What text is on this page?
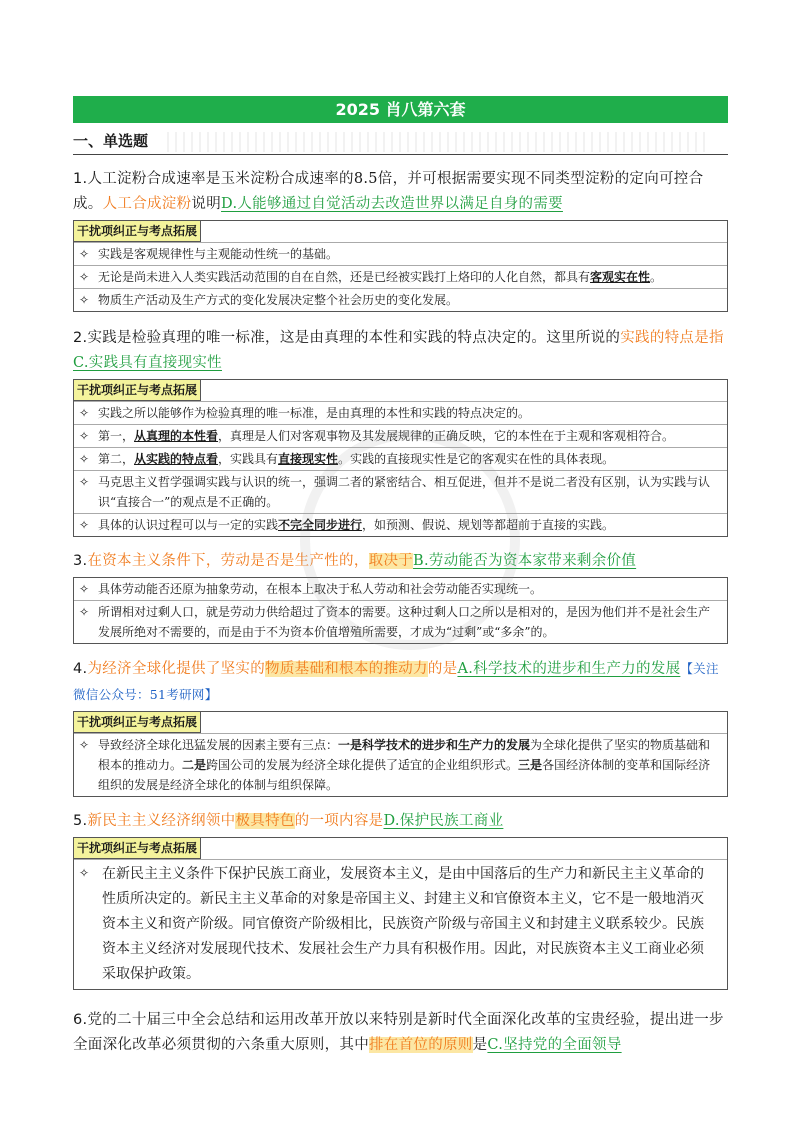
2025 肖八第六套
一、单选题
1.人工淀粉合成速率是玉米淀粉合成速率的8.5倍，并可根据需要实现不同类型淀粉的定向可控合成。人工合成淀粉说明D.人能够通过自觉活动去改造世界以满足自身的需要
干扰项纠正与考点拓展
✧ 实践是客观规律性与主观能动性统一的基础。
✧ 无论是尚未进入人类实践活动范围的自在自然，还是已经被实践打上烙印的人化自然，都具有客观实在性。
✧ 物质生产活动及生产方式的变化发展决定整个社会历史的变化发展。
2.实践是检验真理的唯一标准，这是由真理的本性和实践的特点决定的。这里所说的实践的特点是指C.实践具有直接现实性
干扰项纠正与考点拓展
✧ 实践之所以能够作为检验真理的唯一标准，是由真理的本性和实践的特点决定的。
✧ 第一，从真理的本性看，真理是人们对客观事物及其发展规律的正确反映，它的本性在于主观和客观相符合。
✧ 第二，从实践的特点看，实践具有直接现实性。实践的直接现实性是它的客观实在性的具体表现。
✧ 马克思主义哲学强调实践与认识的统一，强调二者的紧密结合、相互促进，但并不是说二者没有区别，认为实践与认识“直接合一”的观点是不正确的。
✧ 具体的认识过程可以与一定的实践不完全同步进行，如预测、假说、规划等都超前于直接的实践。
3.在资本主义条件下，劳动是否是生产性的，取决于B.劳动能否为资本家带来剩余价值
✧ 具体劳动能否还原为抽象劳动，在根本上取决于私人劳动和社会劳动能否实现统一。
✧ 所谓相对过剩人口，就是劳动力供给超过了资本的需要。这种过剩人口之所以是相对的，是因为他们并不是社会生产发展所绝对不需要的，而是由于不为资本价值增殖所需要，才成为“过剩”或“多余”的。
4.为经济全球化提供了坚实的物质基础和根本的推动力的是A.科学技术的进步和生产力的发展【关注微信公众号：51考研网】
干扰项纠正与考点拓展
✧ 导致经济全球化迅猛发展的因素主要有三点：一是科学技术的进步和生产力的发展为全球化提供了坚实的物质基础和根本的推动力。二是跨国公司的发展为经济全球化提供了适宜的企业组织形式。三是各国经济体制的变革和国际经济组织的发展是经济全球化的体制与组织保障。
5.新民主主义经济纲领中极具特色的一项内容是D.保护民族工商业
干扰项纠正与考点拓展
✧ 在新民主主义条件下保护民族工商业，发展资本主义，是由中国落后的生产力和新民主主义革命的性质所决定的。新民主主义革命的对象是帝国主义、封建主义和官僚资本主义，它不是一般地消灭资本主义和资产阶级。同官僚资产阶级相比，民族资产阶级与帝国主义和封建主义联系较少。民族资本主义经济对发展现代技术、发展社会生产力具有积极作用。因此，对民族资本主义工商业必须采取保护政策。
6.党的二十届三中全会总结和运用改革开放以来特别是新时代全面深化改革的宝贵经验，提出进一步全面深化改革必须贯彻的六条重大原则，其中排在首位的原则是C.坚持党的全面领导
